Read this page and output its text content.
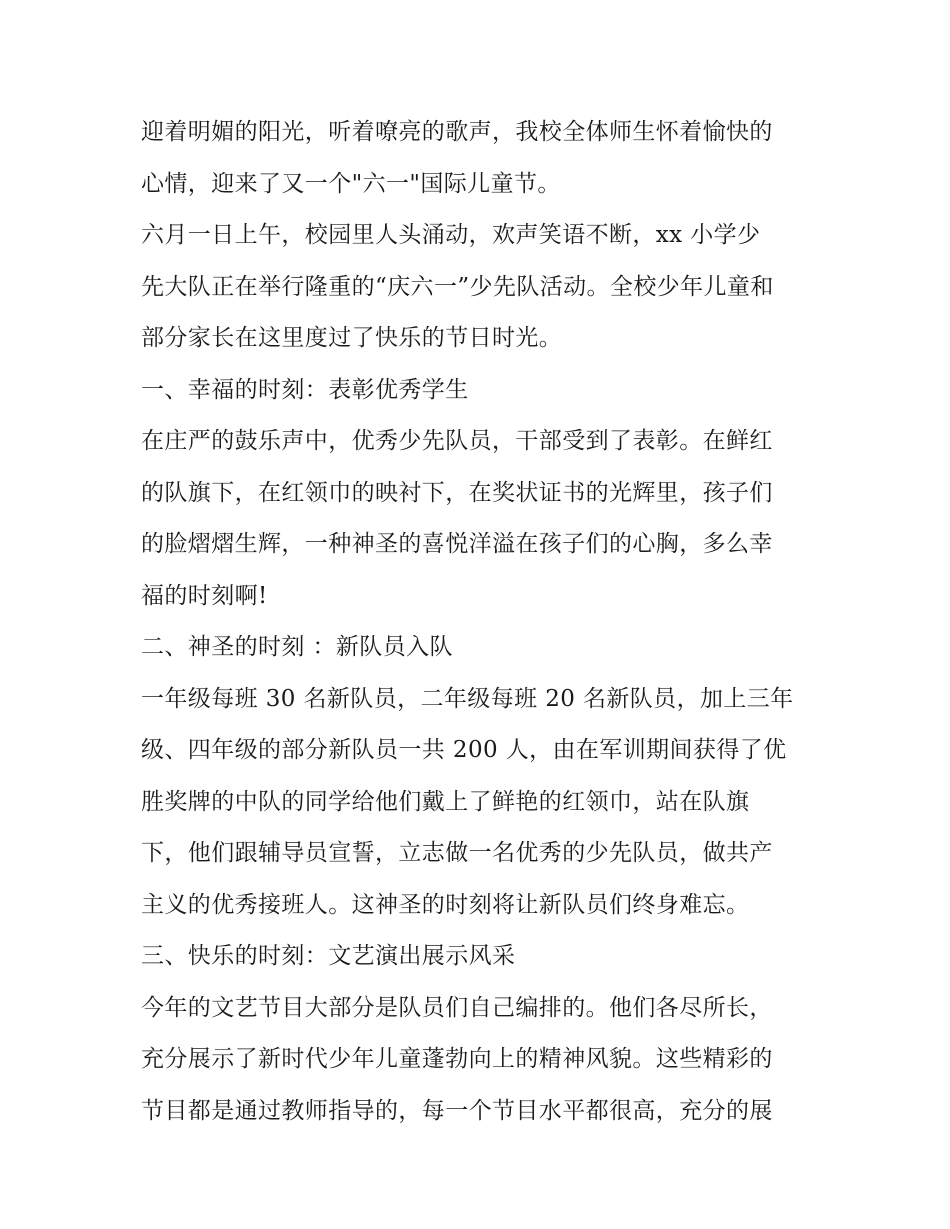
迎着明媚的阳光，听着嘹亮的歌声，我校全体师生怀着愉快的
心情，迎来了又一个"六一"国际儿童节。
六月一日上午，校园里人头涌动，欢声笑语不断，xx 小学少
先大队正在举行隆重的“庆六一”少先队活动。全校少年儿童和
部分家长在这里度过了快乐的节日时光。
一、幸福的时刻：表彰优秀学生
在庄严的鼓乐声中，优秀少先队员，干部受到了表彰。在鲜红
的队旗下，在红领巾的映衬下，在奖状证书的光辉里，孩子们
的脸熠熠生辉，一种神圣的喜悦洋溢在孩子们的心胸，多么幸
福的时刻啊!
二、神圣的时刻 ：新队员入队
一年级每班 30 名新队员，二年级每班 20 名新队员，加上三年
级、四年级的部分新队员一共 200 人，由在军训期间获得了优
胜奖牌的中队的同学给他们戴上了鲜艳的红领巾，站在队旗
下，他们跟辅导员宣誓，立志做一名优秀的少先队员，做共产
主义的优秀接班人。这神圣的时刻将让新队员们终身难忘。
三、快乐的时刻：文艺演出展示风采
今年的文艺节目大部分是队员们自己编排的。他们各尽所长，
充分展示了新时代少年儿童蓬勃向上的精神风貌。这些精彩的
节目都是通过教师指导的，每一个节目水平都很高，充分的展
